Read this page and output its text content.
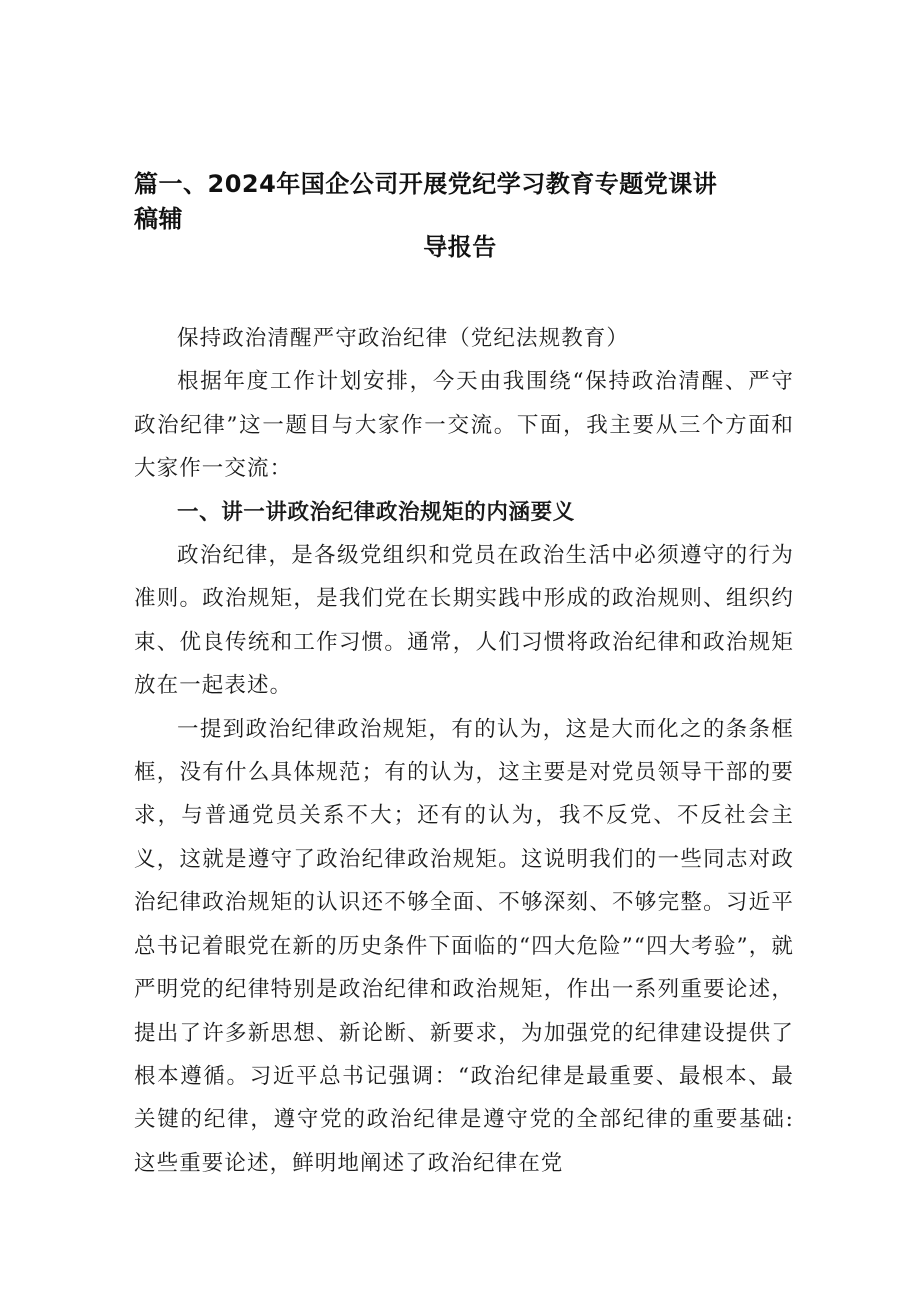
篇一、2024年国企公司开展党纪学习教育专题党课讲稿辅
导报告

保持政治清醒严守政治纪律（党纪法规教育）

根据年度工作计划安排，今天由我围绕“保持政治清醒、严守政治纪律”这一题目与大家作一交流。下面，我主要从三个方面和大家作一交流：

一、讲一讲政治纪律政治规矩的内涵要义

政治纪律，是各级党组织和党员在政治生活中必须遵守的行为准则。政治规矩，是我们党在长期实践中形成的政治规则、组织约束、优良传统和工作习惯。通常，人们习惯将政治纪律和政治规矩放在一起表述。

一提到政治纪律政治规矩，有的认为，这是大而化之的条条框框，没有什么具体规范；有的认为，这主要是对党员领导干部的要求，与普通党员关系不大；还有的认为，我不反党、不反社会主义，这就是遵守了政治纪律政治规矩。这说明我们的一些同志对政治纪律政治规矩的认识还不够全面、不够深刻、不够完整。习近平总书记着眼党在新的历史条件下面临的“四大危险”“四大考验”，就严明党的纪律特别是政治纪律和政治规矩，作出一系列重要论述，提出了许多新思想、新论断、新要求，为加强党的纪律建设提供了根本遵循。习近平总书记强调：“政治纪律是最重要、最根本、最关键的纪律，遵守党的政治纪律是遵守党的全部纪律的重要基础:这些重要论述，鲜明地阐述了政治纪律在党
